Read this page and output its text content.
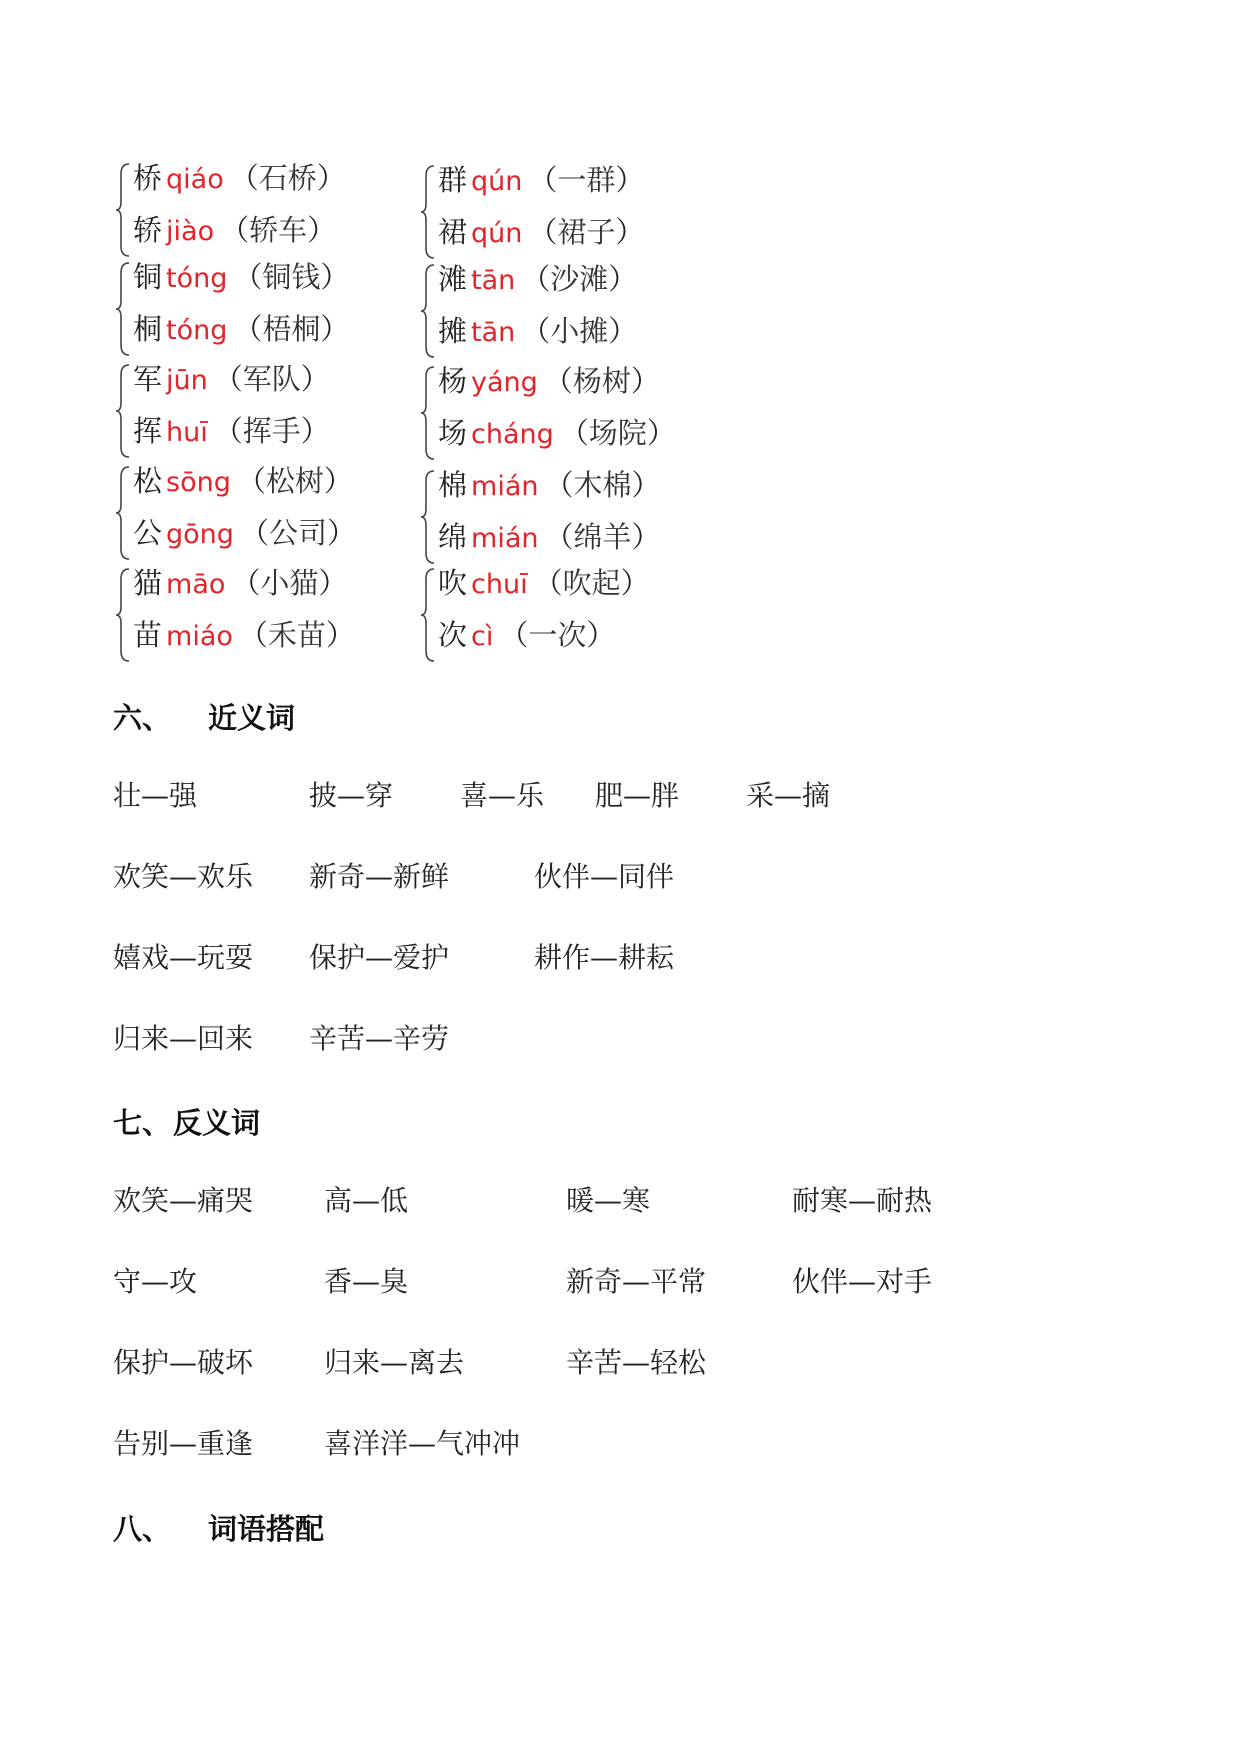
桥 qiáo （石桥）
轿 jiào （轿车）
铜 tóng （铜钱）
桐 tóng （梧桐）
军 jūn （军队）
挥 huī （挥手）
松 sōng （松树）
公 gōng （公司）
猫 māo （小猫）
苗 miáo （禾苗）
群 qún （一群）
裙 qún （裙子）
滩 tān （沙滩）
摊 tān （小摊）
杨 yáng （杨树）
场 cháng （场院）
棉 mián （木棉）
绵 mián （绵羊）
吹 chuī （吹起）
次 cì （一次）
六、 近义词
壮—强	披—穿 喜—乐 肥—胖 采—摘
欢笑—欢乐 新奇—新鲜	伙伴—同伴
嬉戏—玩耍 保护—爱护	耕作—耕耘
归来—回来 辛苦—辛劳
七、 反义词
欢笑—痛哭	高—低	暖—寒	耐寒—耐热
守—攻	香—臭	新奇—平常	伙伴—对手
保护—破坏	归来—离去	辛苦—轻松
告别—重逢	喜洋洋—气冲冲
八、 词语搭配
